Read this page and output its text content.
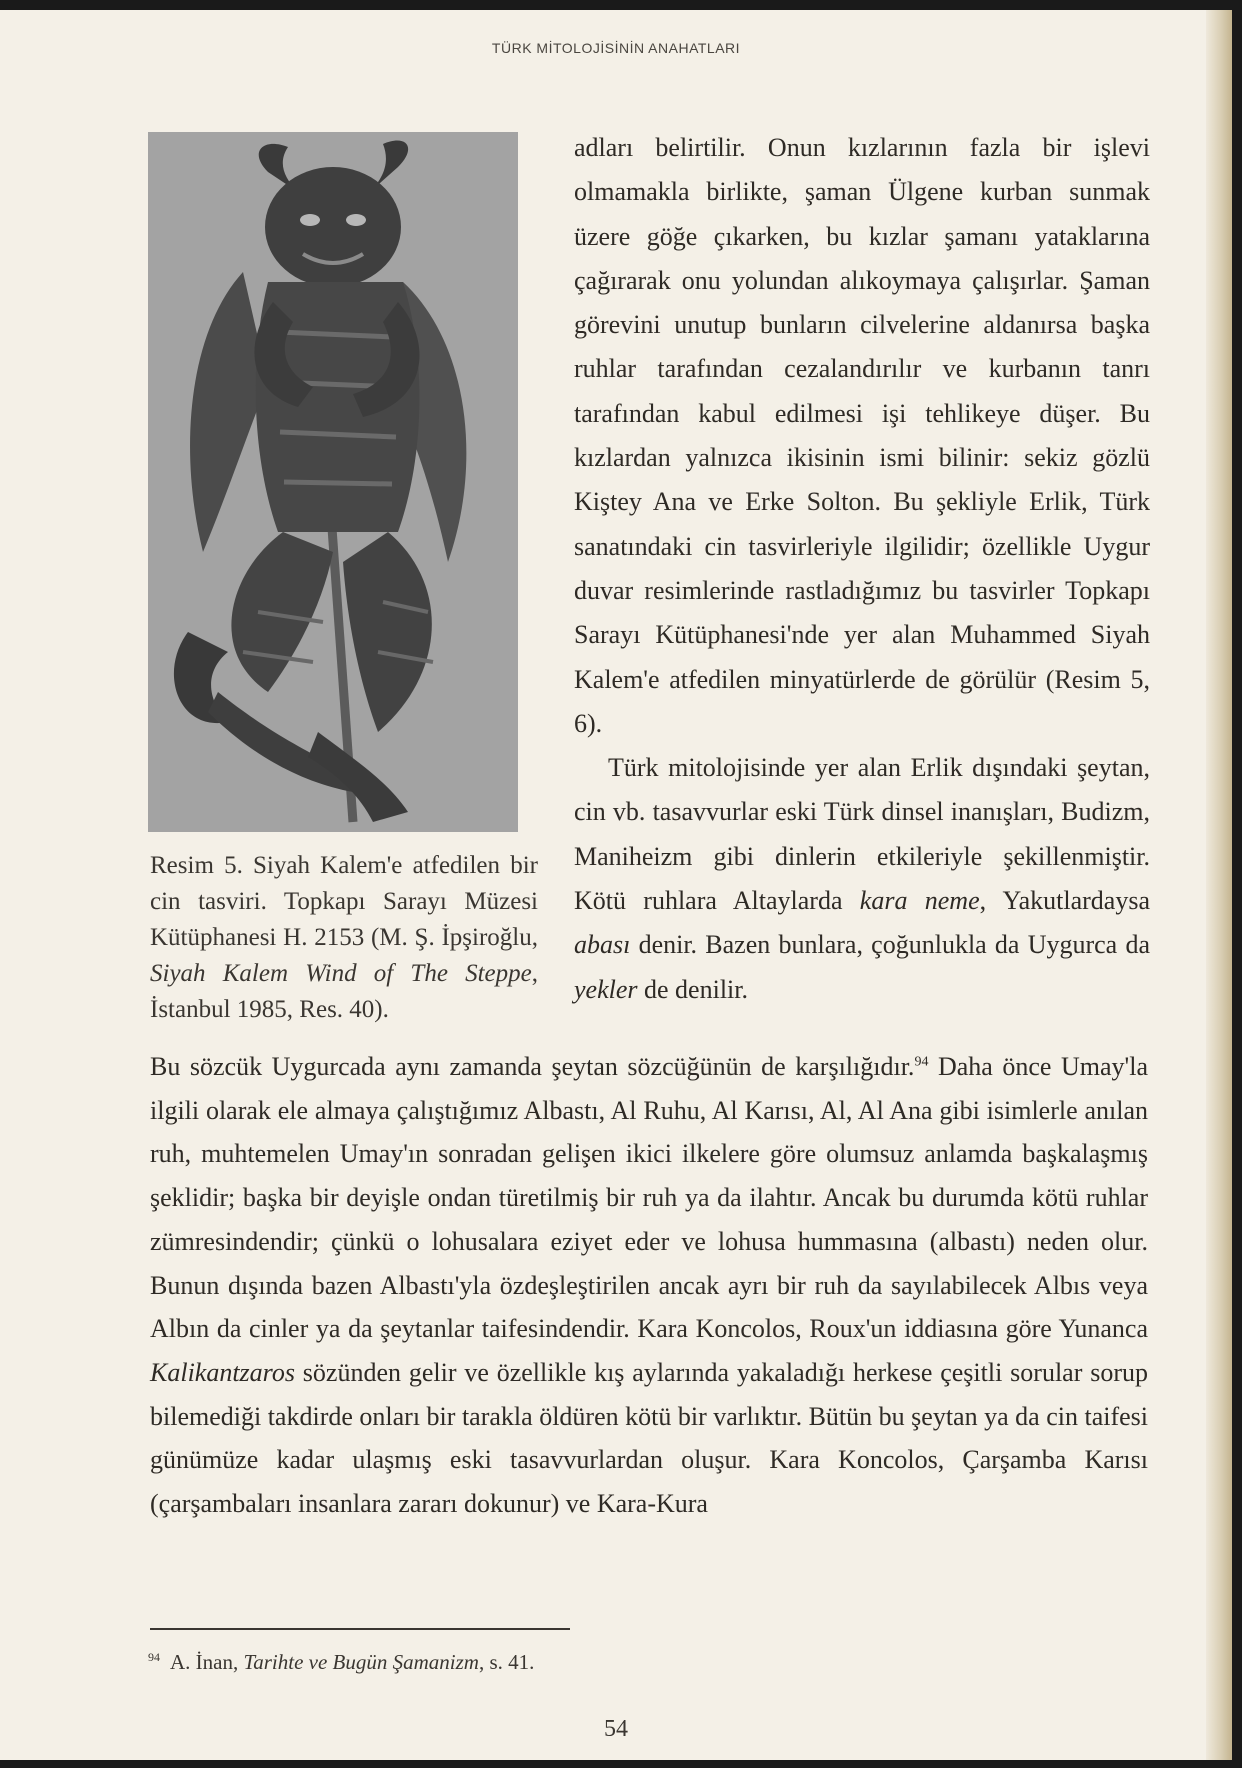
TÜRK MİTOLOJİSİNİN ANAHATLARI
Resim 5. Siyah Kalem'e atfedilen bir cin tasviri. Topkapı Sarayı Müzesi Kütüphanesi H. 2153 (M. Ş. İpşiroğlu, Siyah Kalem Wind of The Steppe, İstanbul 1985, Res. 40).

adları belirtilir. Onun kızlarının fazla bir işlevi olmamakla birlikte, şaman Ülgene kurban sunmak üzere göğe çıkarken, bu kızlar şamanı yataklarına çağırarak onu yolundan alıkoymaya çalışırlar. Şaman görevini unutup bunların cilvelerine aldanırsa başka ruhlar tarafından cezalandırılır ve kurbanın tanrı tarafından kabul edilmesi işi tehlikeye düşer. Bu kızlardan yalnızca ikisinin ismi bilinir: sekiz gözlü Kiştey Ana ve Erke Solton. Bu şekliyle Erlik, Türk sanatındaki cin tasvirleriyle ilgilidir; özellikle Uygur duvar resimlerinde rastladığımız bu tasvirler Topkapı Sarayı Kütüphanesi'nde yer alan Muhammed Siyah Kalem'e atfedilen minyatürlerde de görülür (Resim 5, 6).

Türk mitolojisinde yer alan Erlik dışındaki şeytan, cin vb. tasavvurlar eski Türk dinsel inanışları, Budizm, Maniheizm gibi dinlerin etkileriyle şekillenmiştir. Kötü ruhlara Altaylarda kara neme, Yakutlardaysa abası denir. Bazen bunlara, çoğunlukla da Uygurca da yekler de denilir.

Bu sözcük Uygurcada aynı zamanda şeytan sözcüğünün de karşılığıdır.$^{94}$ Daha önce Umay'la ilgili olarak ele almaya çalıştığımız Albastı, Al Ruhu, Al Karısı, Al, Al Ana gibi isimlerle anılan ruh, muhtemelen Umay'ın sonradan gelişen ikici ilkelere göre olumsuz anlamda başkalaşmış şeklidir; başka bir deyişle ondan türetilmiş bir ruh ya da ilahtır. Ancak bu durumda kötü ruhlar zümresindendir; çünkü o lohusalara eziyet eder ve lohusa hummasına (albastı) neden olur. Bunun dışında bazen Albastı'yla özdeşleştirilen ancak ayrı bir ruh da sayılabilecek Albıs veya Albın da cinler ya da şeytanlar taifesindendir. Kara Koncolos, Roux'un iddiasına göre Yunanca Kalikantzaros sözünden gelir ve özellikle kış aylarında yakaladığı herkese çeşitli sorular sorup bilemediği takdirde onları bir tarakla öldüren kötü bir varlıktır. Bütün bu şeytan ya da cin taifesi günümüze kadar ulaşmış eski tasavvurlardan oluşur. Kara Koncolos, Çarşamba Karısı (çarşambaları insanlara zararı dokunur) ve Kara-Kura

$^{94}$ A. İnan, Tarihte ve Bugün Şamanizm, s. 41.
54
